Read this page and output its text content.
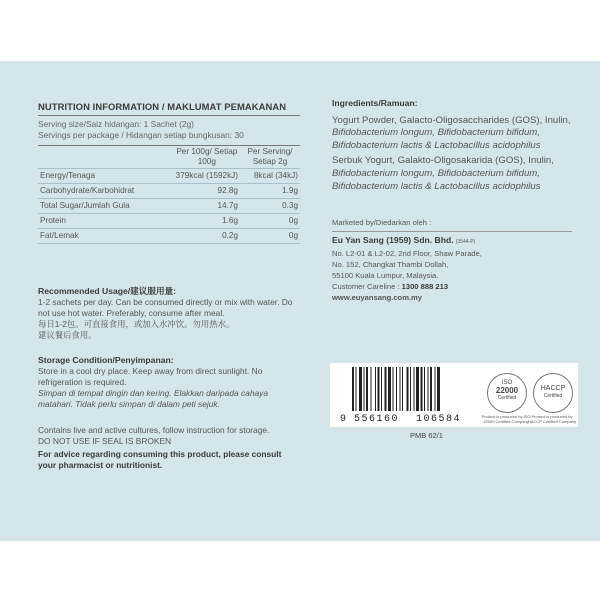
NUTRITION INFORMATION / MAKLUMAT PEMAKANAN
Serving size/Saiz hidangan: 1 Sachet (2g)
Servings per package / Hidangan setiap bungkusan: 30
	Per 100g/ Setiap 100g	Per Serving/ Setiap 2g
Energy/Tenaga	379kcal (1592kJ)	8kcal (34kJ)
Carbohydrate/Karbohidrat	92.8g	1.9g
Total Sugar/Jumlah Gula	14.7g	0.3g
Protein	1.6g	0g
Fat/Lemak	0.2g	0g
Recommended Usage/建议服用量:
1-2 sachets per day. Can be consumed directly or mix with water. Do not use hot water. Preferably, consume after meal.
每日1-2包。可直接食用，或加入水冲饮。勿用热水。
建议餐后食用。
Storage Condition/Penyimpanan:
Store in a cool dry place. Keep away from direct sunlight. No refrigeration is required.
Simpan di tempat dingin dan kering. Elakkan daripada cahaya matahari. Tidak perlu simpan di dalam peti sejuk.
Contains live and active cultures, follow instruction for storage.
DO NOT USE IF SEAL IS BROKEN
For advice regarding consuming this product, please consult your pharmacist or nutritionist.
Ingredients/Ramuan:
Yogurt Powder, Galacto-Oligosaccharides (GOS), Inulin, Bifidobacterium longum, Bifidobacterium bifidum, Bifidobacterium lactis & Lactobacillus acidophilus
Serbuk Yogurt, Galakto-Oligosakarida (GOS), Inulin, Bifidobacterium longum, Bifidobacterium bifidum, Bifidobacterium lactis & Lactobacillus acidophilus
Marketed by/Diedarkan oleh :
Eu Yan Sang (1959) Sdn. Bhd. (3544-P)
No. L2-01 & L2-02, 2nd Floor, Shaw Parade,
No. 152, Changkat Thambi Dollah,
55100 Kuala Lumpur, Malaysia.
Customer Careline : 1300 888 213
www.euyansang.com.my
9 556160 106584
ISO
22000
Certified
HACCP
Certified
Product is produced by ISO 22000 Certified Company
Product is produced by HACCP Certified Company
PMB 62/1
